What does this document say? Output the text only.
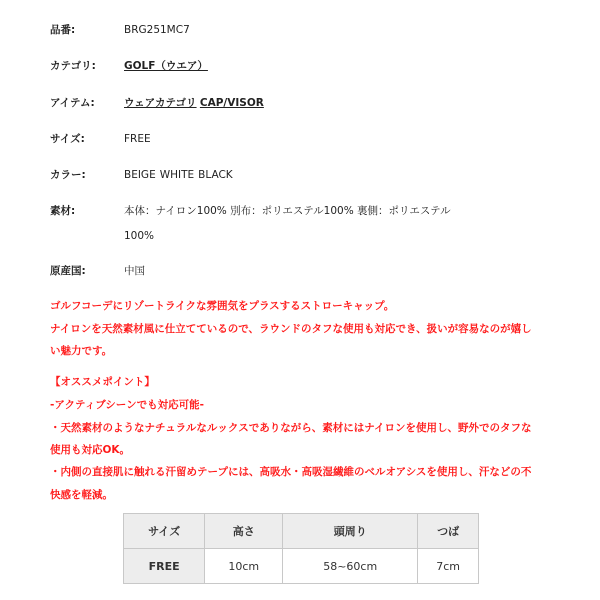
品番:	BRG251MC7
カテゴリ:	GOLF（ウエア）
アイテム:	ウェアカテゴリ CAP/VISOR
サイズ:	FREE
カラー:	BEIGE WHITE BLACK
素材:	本体：ナイロン100% 別布：ポリエステル100% 裏側：ポリエステル
100%
原産国:	中国
ゴルフコーデにリゾートライクな雰囲気をプラスするストローキャップ。
ナイロンを天然素材風に仕立てているので、ラウンドのタフな使用も対応でき、扱いが容易なのが嬉し
い魅力です。
【オススメポイント】
-アクティブシーンでも対応可能-
・天然素材のようなナチュラルなルックスでありながら、素材にはナイロンを使用し、野外でのタフな
使用も対応OK。
・内側の直接肌に触れる汗留めテープには、高吸水・高吸湿繊維のベルオアシスを使用し、汗などの不
快感を軽減。
サイズ	高さ	頭周り	つば
FREE	10cm	58~60cm	7cm
